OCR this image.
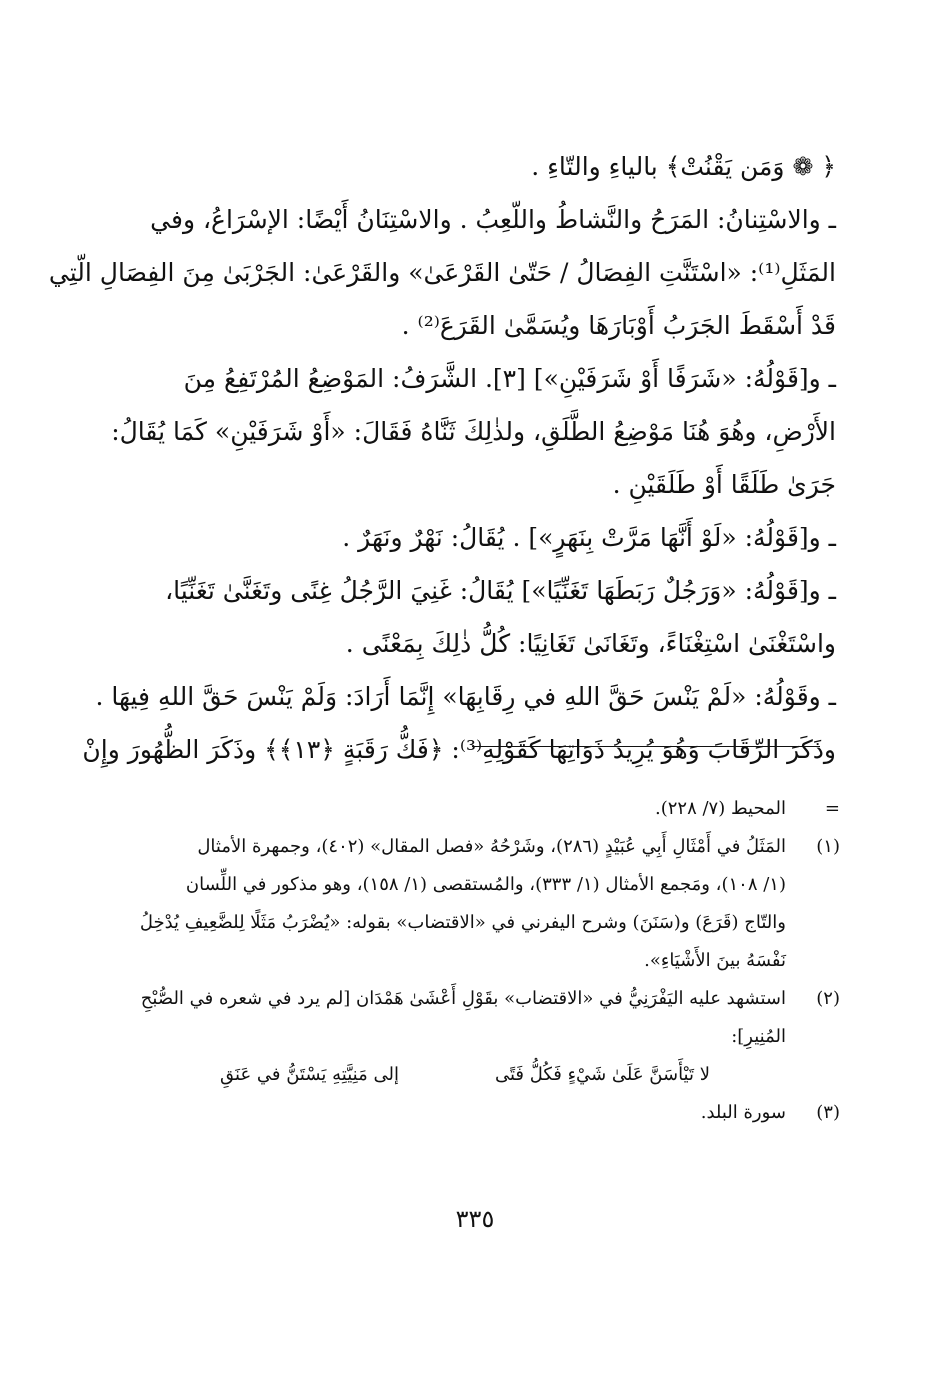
﴿ ❁ وَمَن يَقْنُتْ﴾ بالياءِ والتّاءِ .
ـ والاسْتِنانُ: المَرَحُ والنَّشاطُ واللّعِبُ . والاسْتِنَانُ أَيْضًا: الإسْرَاعُ، وفي
المَثَلِ⁽¹⁾: «اسْتَنَّتِ الفِصَالُ / حَتّىٰ القَرْعَىٰ» والقَرْعَىٰ: الجَرْبَىٰ مِنَ الفِصَالِ الّتِي
قَدْ أَسْقَطَ الجَرَبُ أَوْبَارَهَا ويُسَمَّىٰ القَرَعَ⁽²⁾ .
ـ و[قَوْلُهُ: «شَرَفًا أَوْ شَرَفَيْنِ»] [٣]. الشَّرَفُ: المَوْضِعُ المُرْتَفِعُ مِنَ
الأَرْضِ، وهُوَ هُنَا مَوْضِعُ الطَّلَقِ، ولذٰلِكَ ثَنَّاهُ فَقَالَ: «أَوْ شَرَفَيْنِ» كَمَا يُقَالُ:
جَرَىٰ طَلَقًا أَوْ طَلَقَيْنِ .
ـ و[قَوْلُهُ: «لَوْ أَنَّهَا مَرَّتْ بِنَهَرٍ»] . يُقَالُ: نَهْرٌ ونَهَرٌ .
ـ و[قَوْلُهُ: «وَرَجُلٌ رَبَطَهَا تَغَنِّيًا»] يُقَالُ: غَنِيَ الرَّجُلُ غِنًى وتَغَنَّىٰ تَغَنِّيًا،
واسْتَغْنَىٰ اسْتِغْنَاءً، وتَغَانَىٰ تَغَانِيًا: كُلُّ ذٰلِكَ بِمَعْنًى .
ـ وقَوْلُهُ: «لَمْ يَنْسَ حَقَّ اللهِ في رِقَابِهَا» إِنَّمَا أَرَادَ: وَلَمْ يَنْسَ حَقَّ اللهِ فِيهَا .
وذَكَرَ الرِّقَابَ وَهُوَ يُرِيدُ ذَوَاتِهَا كَقَوْلِهِ⁽³⁾: ﴿فَكُّ رَقَبَةٍ ﴿١٣﴾﴾ وذَكَرَ الظُّهُورَ وإِنْ
=
المحيط (٧/ ٢٢٨).
(١)
المَثَلُ في أَمْثَالِ أَبِي عُبَيْدٍ (٢٨٦)، وشَرْحُهُ «فصل المقال» (٤٠٢)، وجمهرة الأمثال
(١/ ١٠٨)، ومَجمع الأمثال (١/ ٣٣٣)، والمُستقصى (١/ ١٥٨)، وهو مذكور في اللِّسان
والتّاج (قَرَعَ) و(سَنَنَ) وشرح اليفرني في «الاقتضاب» بقوله: «يُضْرَبُ مَثَلًا لِلضَّعِيفِ يُدْخِلُ
نَفْسَهُ بينَ الأَشْيَاءِ».
(٢)
استشهد عليه اليَفْرَنِيُّ في «الاقتضاب» بقَوْلِ أَعْشَىٰ هَمْدَان [لم يرد في شعره في الصُّبْحِ
المُنِيرِ]:
لا تَيْأَسَنَّ عَلَىٰ شَيْءٍ فَكُلُّ فَتًى
إلى مَنِيَّتِهِ يَسْتَنُّ في عَنَقِ
(٣)
سورة البلد.
٣٣٥
